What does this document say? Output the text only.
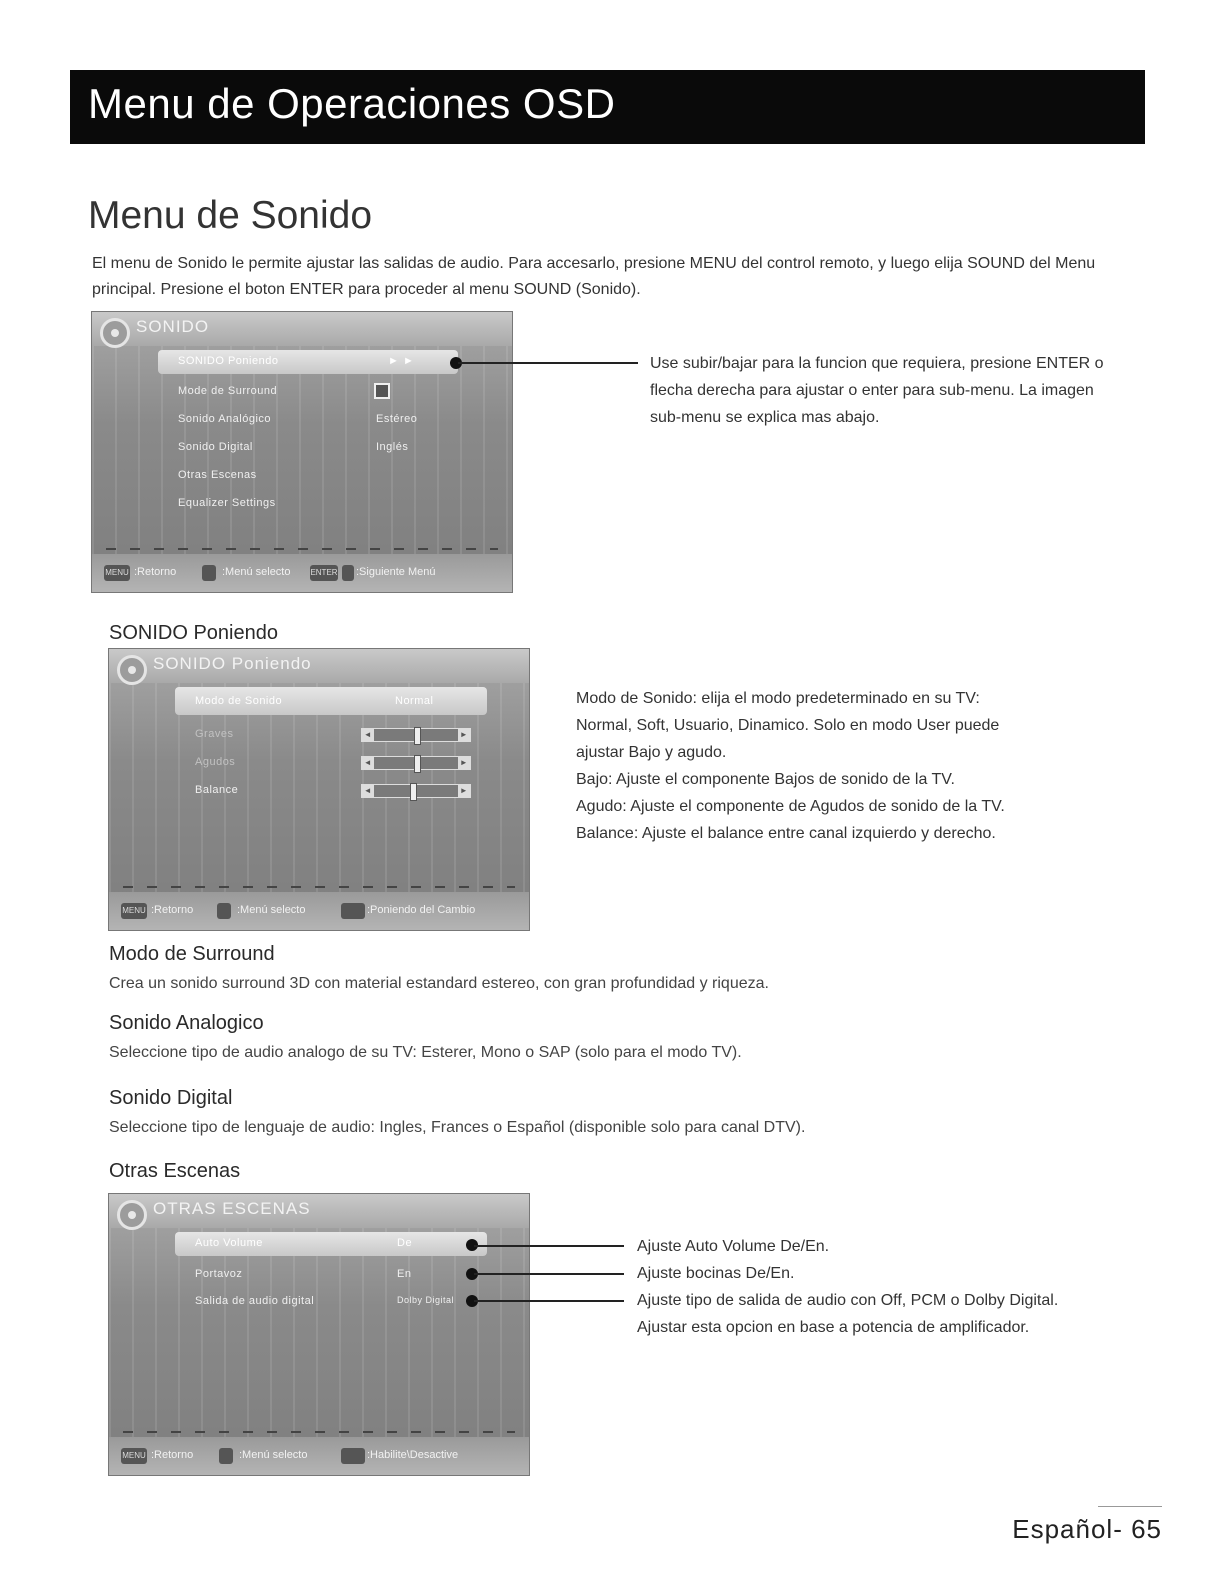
Menu de Operaciones OSD
Menu de Sonido

El menu de Sonido le permite ajustar las salidas de audio. Para accesarlo, presione MENU del control remoto, y luego elija SOUND del Menu principal. Presione el boton ENTER para proceder al menu SOUND (Sonido).

SONIDO
SONIDO Poniendo	► ►
Mode de Surround
Sonido Analógico	Estéreo
Sonido Digital	Inglés
Otras Escenas
Equalizer Settings
MENU :Retorno	:Menú selecto ENTER :Siguiente Menú

Use subir/bajar para la funcion que requiera, presione ENTER o flecha derecha para ajustar o enter para sub-menu. La imagen sub-menu se explica mas abajo.

SONIDO Poniendo
SONIDO Poniendo
Modo de Sonido	Normal
Graves	◄	►
Agudos	◄	►
Balance	◄	►
MENU :Retorno	:Menú selecto	:Poniendo del Cambio
Modo de Sonido: elija el modo predeterminado en su TV:
Normal, Soft, Usuario, Dinamico. Solo en modo User puede
ajustar Bajo y agudo.
Bajo: Ajuste el componente Bajos de sonido de la TV.
Agudo: Ajuste el componente de Agudos de sonido de la TV.
Balance: Ajuste el balance entre canal izquierdo y derecho.
Modo de Surround

Crea un sonido surround 3D con material estandard estereo, con gran profundidad y riqueza.

Sonido Analogico

Seleccione tipo de audio analogo de su TV: Esterer, Mono o SAP (solo para el modo TV).

Sonido Digital

Seleccione tipo de lenguaje de audio: Ingles, Frances o Español (disponible solo para canal DTV).

Otras Escenas
OTRAS ESCENAS
Auto Volume	De
Portavoz	En
Salida de audio digital	Dolby Digital
MENU :Retorno	:Menú selecto	:Habilite\Desactive
Ajuste Auto Volume De/En.
Ajuste bocinas De/En.
Ajuste tipo de salida de audio con Off, PCM o Dolby Digital.
Ajustar esta opcion en base a potencia de amplificador.
Español- 65
